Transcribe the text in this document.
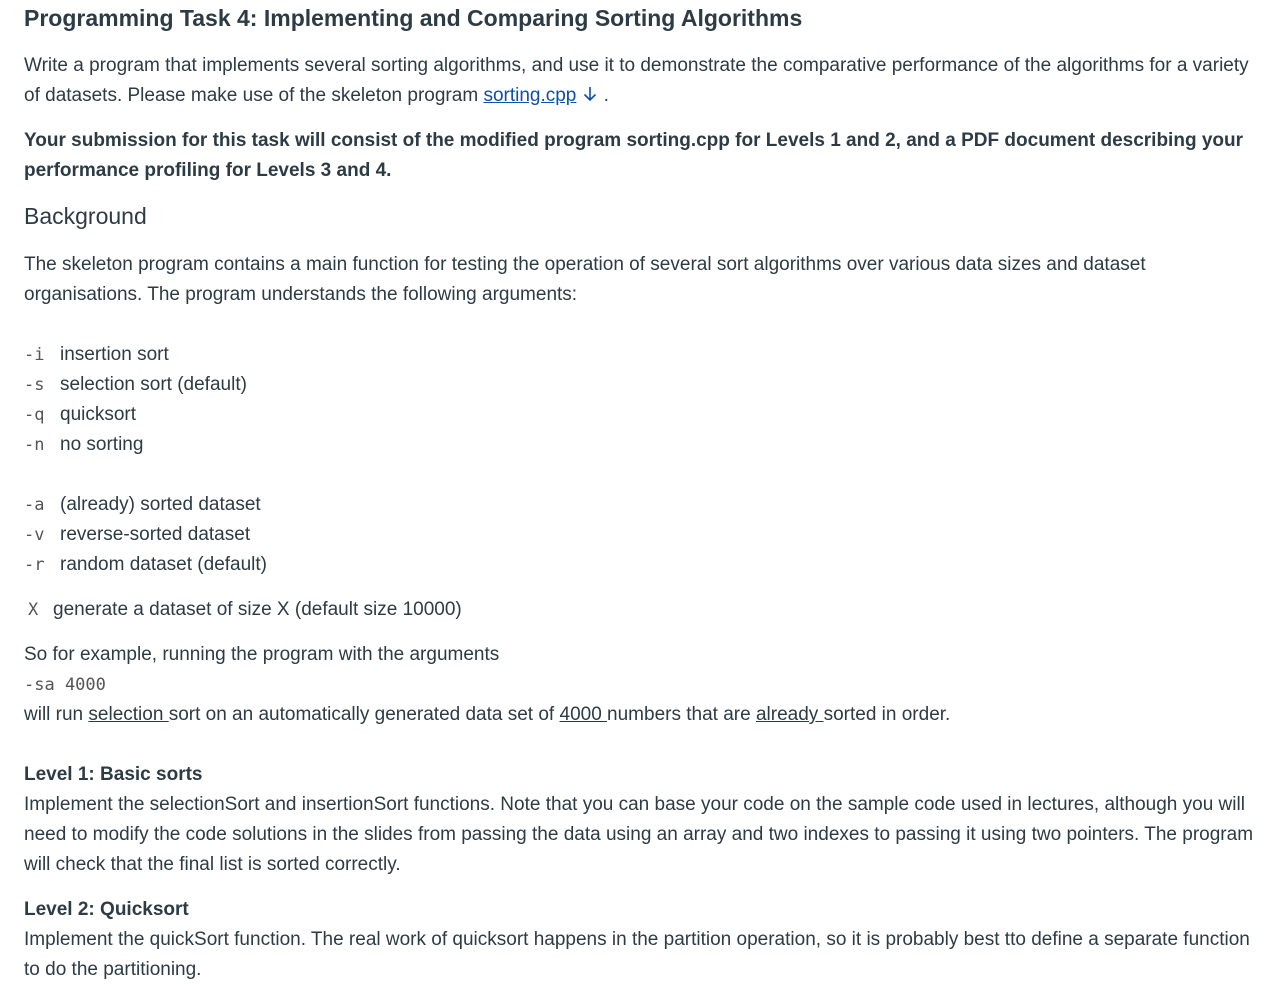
Programming Task 4: Implementing and Comparing Sorting Algorithms

Write a program that implements several sorting algorithms, and use it to demonstrate the comparative performance of the algorithms for a variety of datasets. Please make use of the skeleton program sorting.cpp .

Your submission for this task will consist of the modified program sorting.cpp for Levels 1 and 2, and a PDF document describing your performance profiling for Levels 3 and 4.

Background

The skeleton program contains a main function for testing the operation of several sort algorithms over various data sizes and dataset organisations. The program understands the following arguments:

-i insertion sort
-s selection sort (default)
-q quicksort
-n no sorting
-a (already) sorted dataset
-v reverse-sorted dataset
-r random dataset (default)
X generate a dataset of size X (default size 10000)

So for example, running the program with the arguments

-sa 4000

will run selection sort on an automatically generated data set of 4000 numbers that are already sorted in order.

Level 1: Basic sorts
Implement the selectionSort and insertionSort functions. Note that you can base your code on the sample code used in lectures, although you will need to modify the code solutions in the slides from passing the data using an array and two indexes to passing it using two pointers. The program will check that the final list is sorted correctly.
Level 2: Quicksort
Implement the quickSort function. The real work of quicksort happens in the partition operation, so it is probably best tto define a separate function to do the partitioning.
